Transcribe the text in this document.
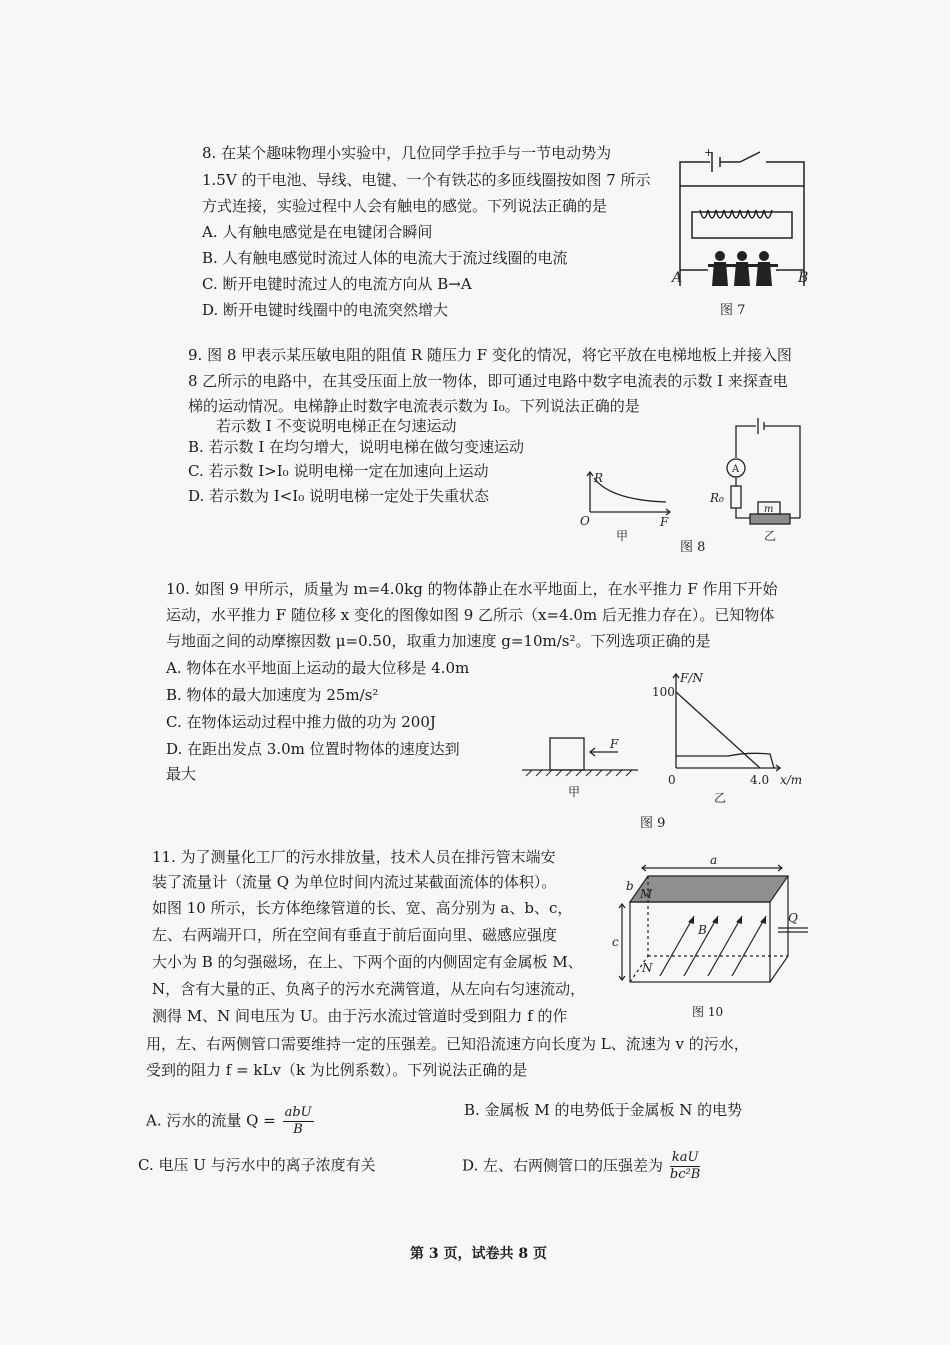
8. 在某个趣味物理小实验中，几位同学手拉手与一节电动势为
1.5V 的干电池、导线、电键、一个有铁芯的多匝线圈按如图 7 所示
方式连接，实验过程中人会有触电的感觉。下列说法正确的是
A. 人有触电感觉是在电键闭合瞬间
B. 人有触电感觉时流过人体的电流大于流过线圈的电流
C. 断开电键时流过人的电流方向从 B→A
D. 断开电键时线圈中的电流突然增大
+
A	B
图 7
9. 图 8 甲表示某压敏电阻的阻值 R 随压力 F 变化的情况，将它平放在电梯地板上并接入图
8 乙所示的电路中，在其受压面上放一物体，即可通过电路中数字电流表的示数 I 来探查电
梯的运动情况。电梯静止时数字电流表示数为 I₀。下列说法正确的是
若示数 I 不变说明电梯正在匀速运动
B. 若示数 I 在均匀增大，说明电梯在做匀变速运动
C. 若示数 I>I₀ 说明电梯一定在加速向上运动
D. 若示数为 I<I₀ 说明电梯一定处于失重状态
R
F
O
甲
图 8
A
R₀
m
乙
10. 如图 9 甲所示，质量为 m=4.0kg 的物体静止在水平地面上，在水平推力 F 作用下开始
运动，水平推力 F 随位移 x 变化的图像如图 9 乙所示（x=4.0m 后无推力存在）。已知物体
与地面之间的动摩擦因数 μ=0.50，取重力加速度 g=10m/s²。下列选项正确的是
A. 物体在水平地面上运动的最大位移是 4.0m
B. 物体的最大加速度为 25m/s²
C. 在物体运动过程中推力做的功为 200J
D. 在距出发点 3.0m 位置时物体的速度达到
最大
F
甲
F/N
100
0	4.0 x/m
乙
图 9
11. 为了测量化工厂的污水排放量，技术人员在排污管末端安
装了流量计（流量 Q 为单位时间内流过某截面流体的体积）。
如图 10 所示，长方体绝缘管道的长、宽、高分别为 a、b、c，
左、右两端开口，所在空间有垂直于前后面向里、磁感应强度
大小为 B 的匀强磁场，在上、下两个面的内侧固定有金属板 M、
N，含有大量的正、负离子的污水充满管道，从左向右匀速流动，
测得 M、N 间电压为 U。由于污水流过管道时受到阻力 f 的作
用，左、右两侧管口需要维持一定的压强差。已知沿流速方向长度为 L、流速为 v 的污水，
受到的阻力 f = kLv（k 为比例系数）。下列说法正确的是
a
b
c
M
N
B
Q
图 10
A. 污水的流量 Q = abU
B
B. 金属板 M 的电势低于金属板 N 的电势
C. 电压 U 与污水中的离子浓度有关	D. 左、右两侧管口的压强差为 kaU
bc²B
第 3 页，试卷共 8 页
